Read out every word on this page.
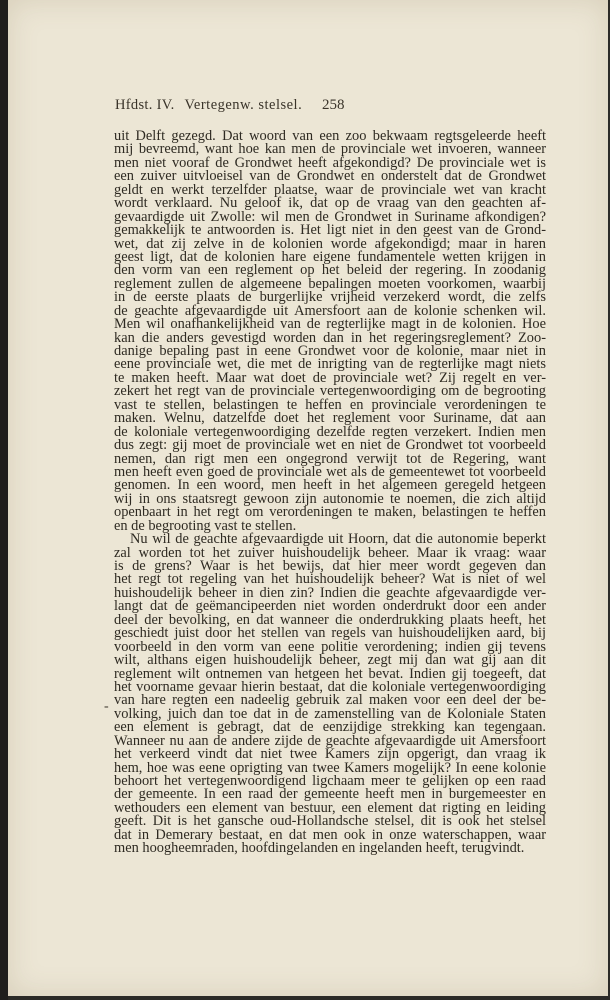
Hfdst. IV. Vertegenw. stelsel. 258
-
uit Delft gezegd. Dat woord van een zoo bekwaam regtsgeleerde heeft
mij bevreemd, want hoe kan men de provinciale wet invoeren, wanneer
men niet vooraf de Grondwet heeft afgekondigd? De provinciale wet is
een zuiver uitvloeisel van de Grondwet en onderstelt dat de Grondwet
geldt en werkt terzelfder plaatse, waar de provinciale wet van kracht
wordt verklaard. Nu geloof ik, dat op de vraag van den geachten af-
gevaardigde uit Zwolle: wil men de Grondwet in Suriname afkondigen?
gemakkelijk te antwoorden is. Het ligt niet in den geest van de Grond-
wet, dat zij zelve in de kolonien worde afgekondigd; maar in haren
geest ligt, dat de kolonien hare eigene fundamentele wetten krijgen in
den vorm van een reglement op het beleid der regering. In zoodanig
reglement zullen de algemeene bepalingen moeten voorkomen, waarbij
in de eerste plaats de burgerlijke vrijheid verzekerd wordt, die zelfs
de geachte afgevaardigde uit Amersfoort aan de kolonie schenken wil.
Men wil onafhankelijkheid van de regterlijke magt in de kolonien. Hoe
kan die anders gevestigd worden dan in het regeringsreglement? Zoo-
danige bepaling past in eene Grondwet voor de kolonie, maar niet in
eene provinciale wet, die met de inrigting van de regterlijke magt niets
te maken heeft. Maar wat doet de provinciale wet? Zij regelt en ver-
zekert het regt van de provinciale vertegenwoordiging om de begrooting
vast te stellen, belastingen te heffen en provinciale verordeningen te
maken. Welnu, datzelfde doet het reglement voor Suriname, dat aan
de koloniale vertegenwoordiging dezelfde regten verzekert. Indien men
dus zegt: gij moet de provinciale wet en niet de Grondwet tot voorbeeld
nemen, dan rigt men een ongegrond verwijt tot de Regering, want
men heeft even goed de provinciale wet als de gemeentewet tot voorbeeld
genomen. In een woord, men heeft in het algemeen geregeld hetgeen
wij in ons staatsregt gewoon zijn autonomie te noemen, die zich altijd
openbaart in het regt om verordeningen te maken, belastingen te heffen
en de begrooting vast te stellen.
Nu wil de geachte afgevaardigde uit Hoorn, dat die autonomie beperkt
zal worden tot het zuiver huishoudelijk beheer. Maar ik vraag: waar
is de grens? Waar is het bewijs, dat hier meer wordt gegeven dan
het regt tot regeling van het huishoudelijk beheer? Wat is niet of wel
huishoudelijk beheer in dien zin? Indien die geachte afgevaardigde ver-
langt dat de geëmancipeerden niet worden onderdrukt door een ander
deel der bevolking, en dat wanneer die onderdrukking plaats heeft, het
geschiedt juist door het stellen van regels van huishoudelijken aard, bij
voorbeeld in den vorm van eene politie verordening; indien gij tevens
wilt, althans eigen huishoudelijk beheer, zegt mij dan wat gij aan dit
reglement wilt ontnemen van hetgeen het bevat. Indien gij toegeeft, dat
het voorname gevaar hierin bestaat, dat die koloniale vertegenwoordiging
van hare regten een nadeelig gebruik zal maken voor een deel der be-
volking, juich dan toe dat in de zamenstelling van de Koloniale Staten
een element is gebragt, dat de eenzijdige strekking kan tegengaan.
Wanneer nu aan de andere zijde de geachte afgevaardigde uit Amersfoort
het verkeerd vindt dat niet twee Kamers zijn opgerigt, dan vraag ik
hem, hoe was eene oprigting van twee Kamers mogelijk? In eene kolonie
behoort het vertegenwoordigend ligchaam meer te gelijken op een raad
der gemeente. In een raad der gemeente heeft men in burgemeester en
wethouders een element van bestuur, een element dat rigting en leiding
geeft. Dit is het gansche oud-Hollandsche stelsel, dit is ook het stelsel
dat in Demerary bestaat, en dat men ook in onze waterschappen, waar
men hoogheemraden, hoofdingelanden en ingelanden heeft, terugvindt.
